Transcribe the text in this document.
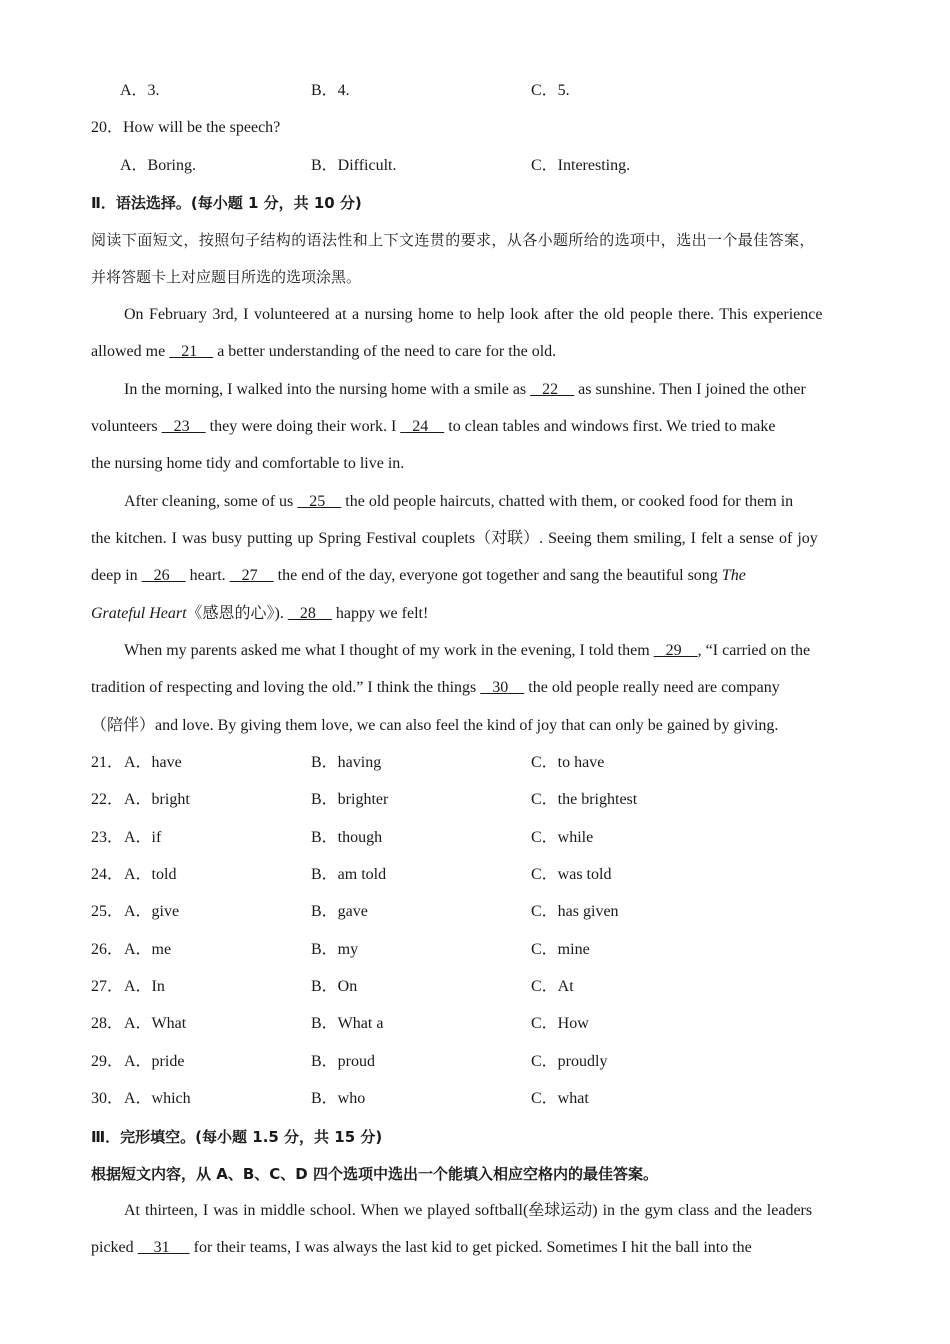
A．3.	B．4.	C．5.
20．How will be the speech?
A．Boring.	B．Difficult.	C．Interesting.
Ⅱ．语法选择。(每小题 1 分，共 10 分)
阅读下面短文，按照句子结构的语法性和上下文连贯的要求，从各小题所给的选项中，选出一个最佳答案，
并将答题卡上对应题目所选的选项涂黑。
On February 3rd, I volunteered at a nursing home to help look after the old people there. This experience
allowed me    21     a better understanding of the need to care for the old.
In the morning, I walked into the nursing home with a smile as    22     as sunshine. Then I joined the other
volunteers    23     they were doing their work. I    24     to clean tables and windows first. We tried to make
the nursing home tidy and comfortable to live in.
After cleaning, some of us    25     the old people haircuts, chatted with them, or cooked food for them in
the kitchen. I was busy putting up Spring Festival couplets（对联）. Seeing them smiling, I felt a sense of joy
deep in    26     heart.    27     the end of the day, everyone got together and sang the beautiful song The
Grateful Heart《感恩的心》).    28     happy we felt!
When my parents asked me what I thought of my work in the evening, I told them    29    , “I carried on the
tradition of respecting and loving the old.” I think the things    30     the old people really need are company
（陪伴）and love. By giving them love, we can also feel the kind of joy that can only be gained by giving.
21． A．have	B．having	C．to have
22． A．bright	B．brighter	C．the brightest
23． A．if	B．though	C．while
24． A．told	B．am told	C．was told
25． A．give	B．gave	C．has given
26． A．me	B．my	C．mine
27． A．In	B．On	C．At
28． A．What	B．What a	C．How
29． A．pride	B．proud	C．proudly
30． A．which	B．who	C．what
Ⅲ．完形填空。(每小题 1.5 分，共 15 分)
根据短文内容，从 A、B、C、D 四个选项中选出一个能填入相应空格内的最佳答案。
At thirteen, I was in middle school. When we played softball(垒球运动) in the gym class and the leaders
picked     31      for their teams, I was always the last kid to get picked. Sometimes I hit the ball into the
